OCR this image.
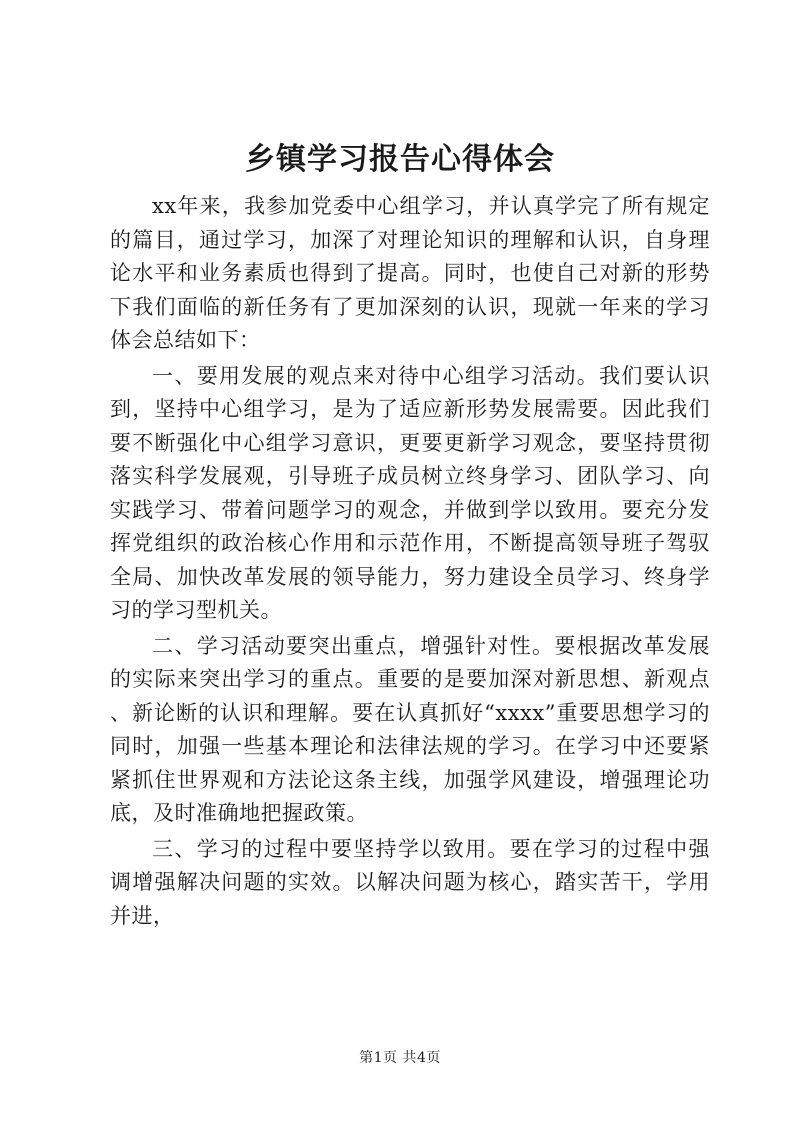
乡镇学习报告心得体会

xx年来，我参加党委中心组学习，并认真学完了所有规定的篇目，通过学习，加深了对理论知识的理解和认识，自身理论水平和业务素质也得到了提高。同时，也使自己对新的形势下我们面临的新任务有了更加深刻的认识，现就一年来的学习体会总结如下：

一、要用发展的观点来对待中心组学习活动。我们要认识到，坚持中心组学习，是为了适应新形势发展需要。因此我们要不断强化中心组学习意识，更要更新学习观念，要坚持贯彻落实科学发展观，引导班子成员树立终身学习、团队学习、向实践学习、带着问题学习的观念，并做到学以致用。要充分发挥党组织的政治核心作用和示范作用，不断提高领导班子驾驭全局、加快改革发展的领导能力，努力建设全员学习、终身学习的学习型机关。

二、学习活动要突出重点，增强针对性。要根据改革发展的实际来突出学习的重点。重要的是要加深对新思想、新观点、新论断的认识和理解。要在认真抓好“xxxx”重要思想学习的同时，加强一些基本理论和法律法规的学习。在学习中还要紧紧抓住世界观和方法论这条主线，加强学风建设，增强理论功底，及时准确地把握政策。

三、学习的过程中要坚持学以致用。要在学习的过程中强调增强解决问题的实效。以解决问题为核心，踏实苦干，学用并进，

第1页 共4页
